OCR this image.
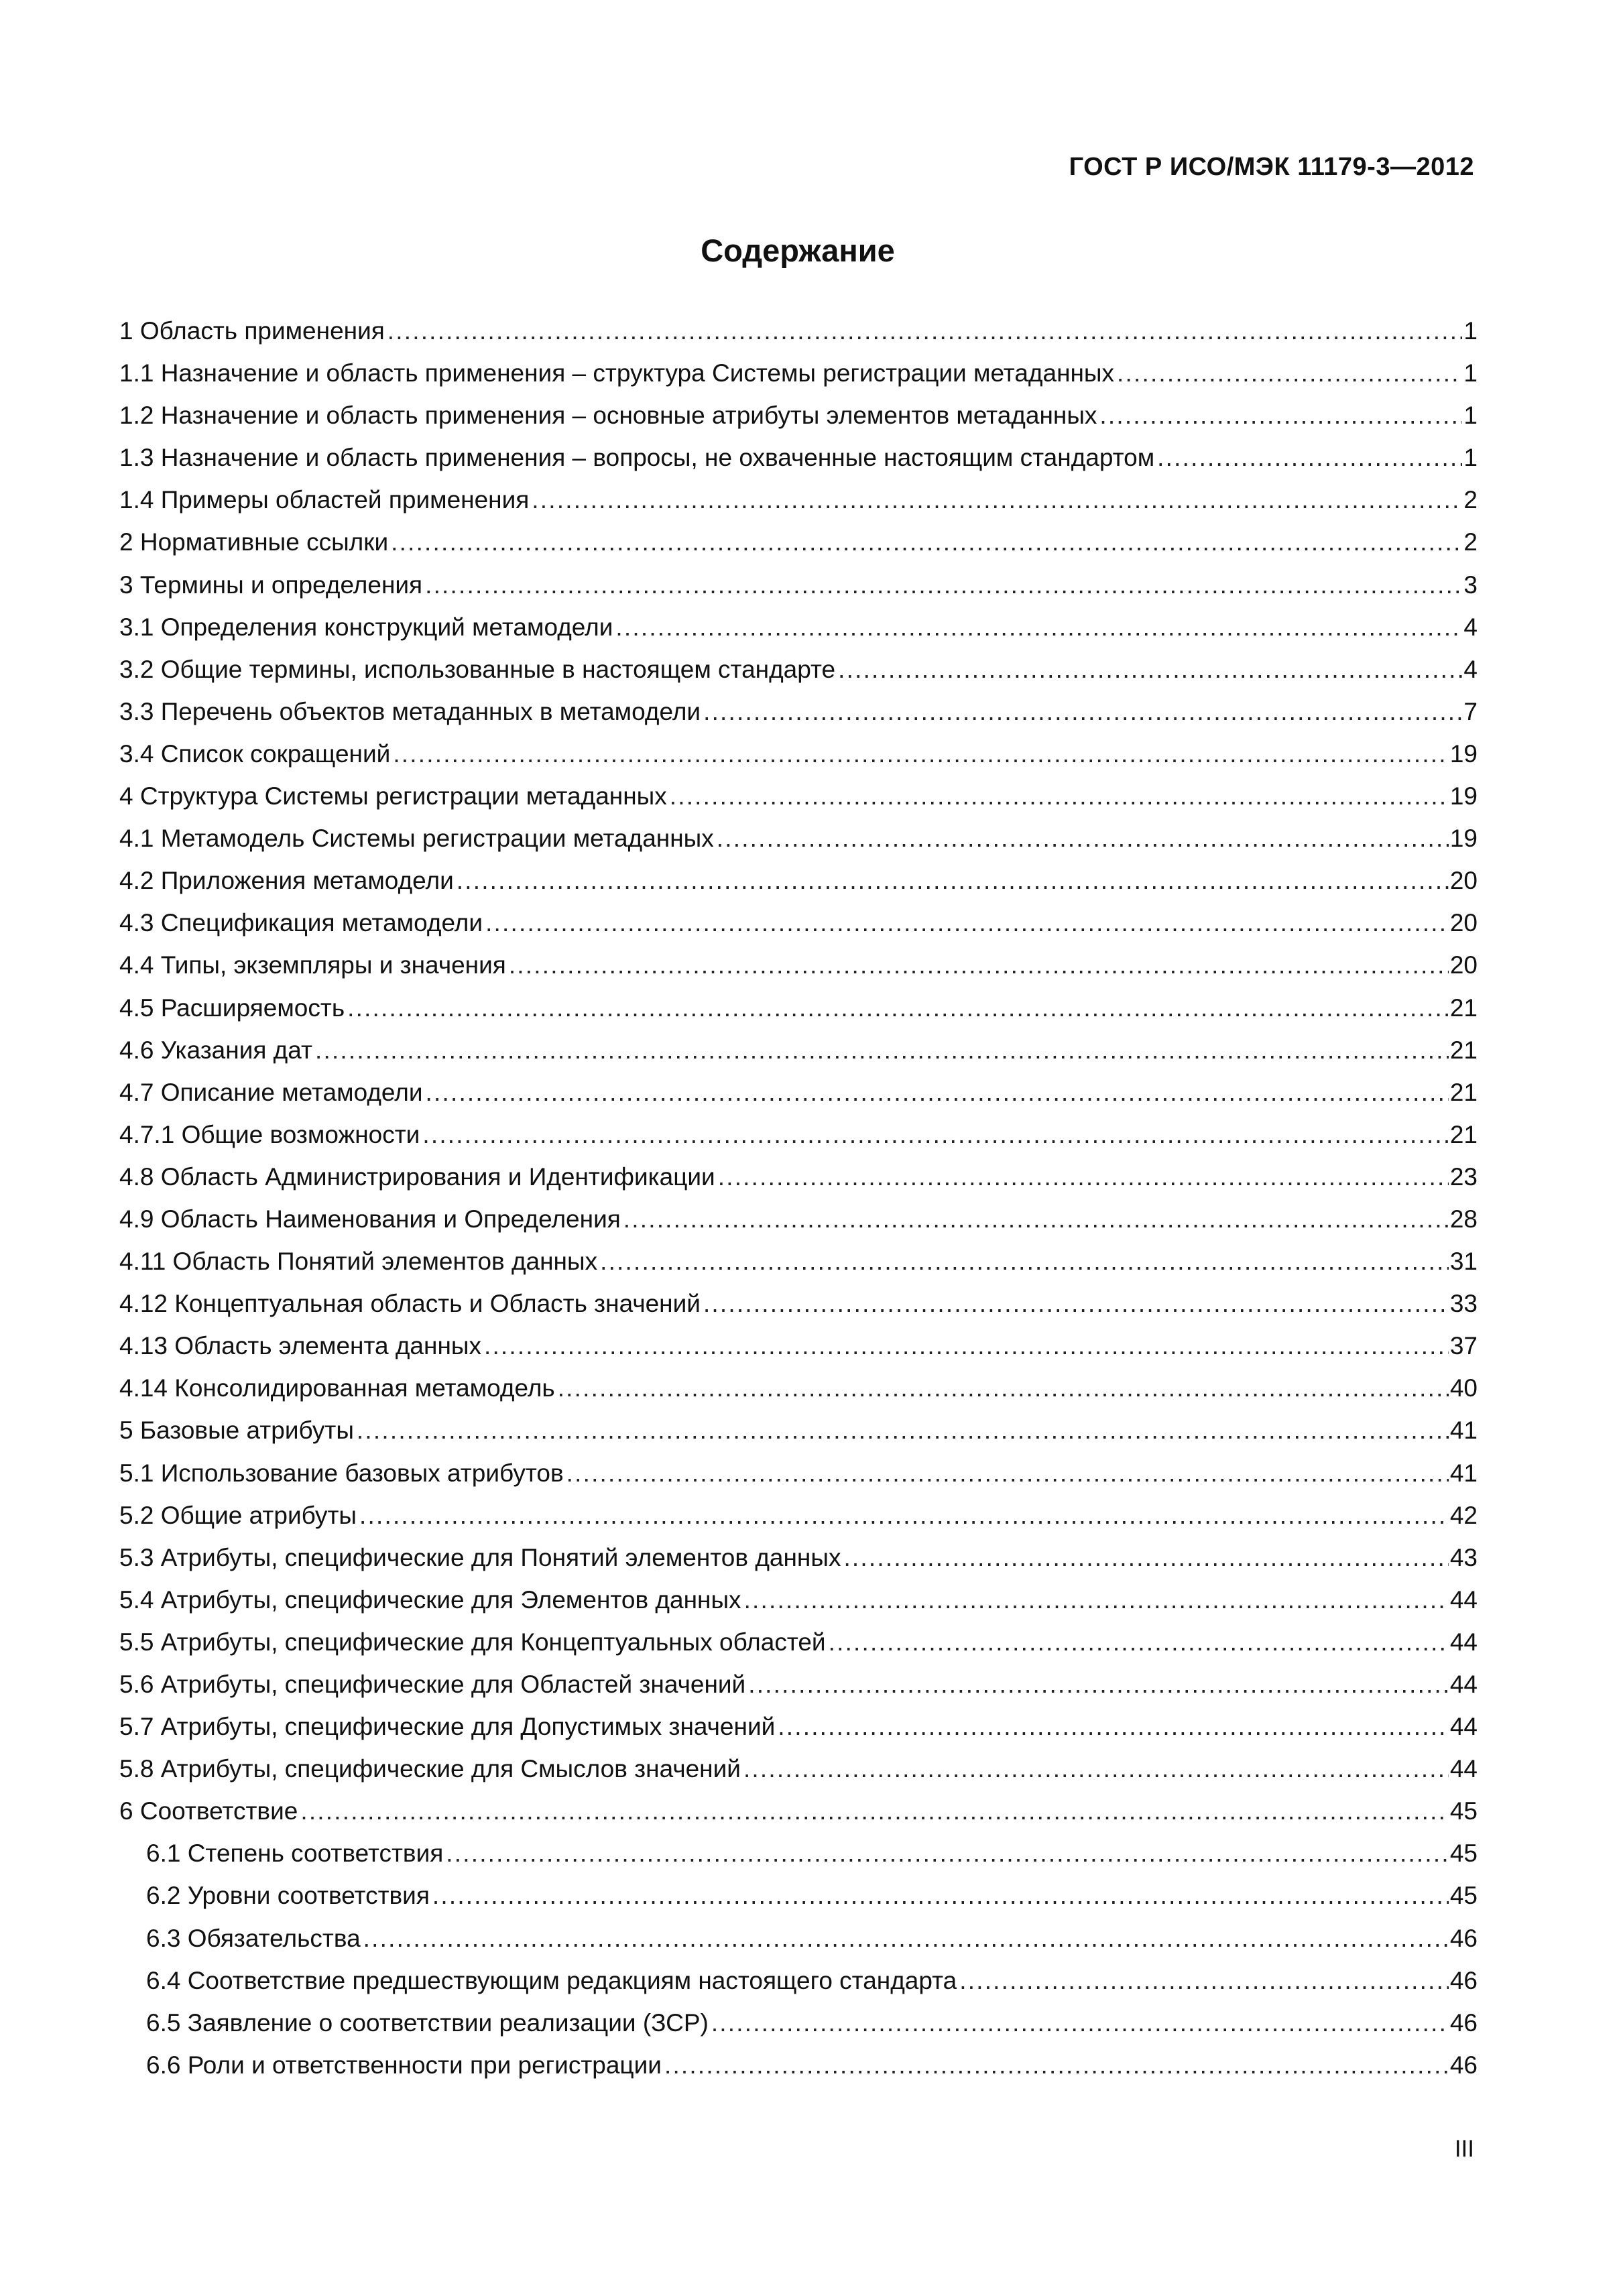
ГОСТ Р ИСО/МЭК 11179-3—2012
Содержание
1 Область применения .....	1
1.1 Назначение и область применения – структура Системы регистрации метаданных .....	1
1.2 Назначение и область применения – основные атрибуты элементов метаданных .....	1
1.3 Назначение и область применения – вопросы, не охваченные настоящим стандартом .....	1
1.4 Примеры областей применения .....	2
2 Нормативные ссылки .....	2
3 Термины и определения .....	3
3.1 Определения конструкций метамодели .....	4
3.2 Общие термины, использованные в настоящем стандарте .....	4
3.3 Перечень объектов метаданных в метамодели .....	7
3.4 Список сокращений .....	19
4 Структура Системы регистрации метаданных .....	19
4.1 Метамодель Системы регистрации метаданных .....	19
4.2 Приложения метамодели .....	20
4.3 Спецификация метамодели .....	20
4.4 Типы, экземпляры и значения .....	20
4.5 Расширяемость .....	21
4.6 Указания дат .....	21
4.7 Описание метамодели .....	21
4.7.1 Общие возможности .....	21
4.8 Область Администрирования и Идентификации .....	23
4.9 Область Наименования и Определения .....	28
4.11 Область Понятий элементов данных .....	31
4.12 Концептуальная область и Область значений .....	33
4.13 Область элемента данных .....	37
4.14 Консолидированная метамодель .....	40
5 Базовые атрибуты .....	41
5.1 Использование базовых атрибутов .....	41
5.2 Общие атрибуты .....	42
5.3 Атрибуты, специфические для Понятий элементов данных .....	43
5.4 Атрибуты, специфические для Элементов данных .....	44
5.5 Атрибуты, специфические для Концептуальных областей .....	44
5.6 Атрибуты, специфические для Областей значений .....	44
5.7 Атрибуты, специфические для Допустимых значений .....	44
5.8 Атрибуты, специфические для Смыслов значений .....	44
6 Соответствие .....	45
6.1 Степень соответствия .....	45
6.2 Уровни соответствия .....	45
6.3 Обязательства .....	46
6.4 Соответствие предшествующим редакциям настоящего стандарта .....	46
6.5 Заявление о соответствии реализации (ЗСР) .....	46
6.6 Роли и ответственности при регистрации .....	46
III
